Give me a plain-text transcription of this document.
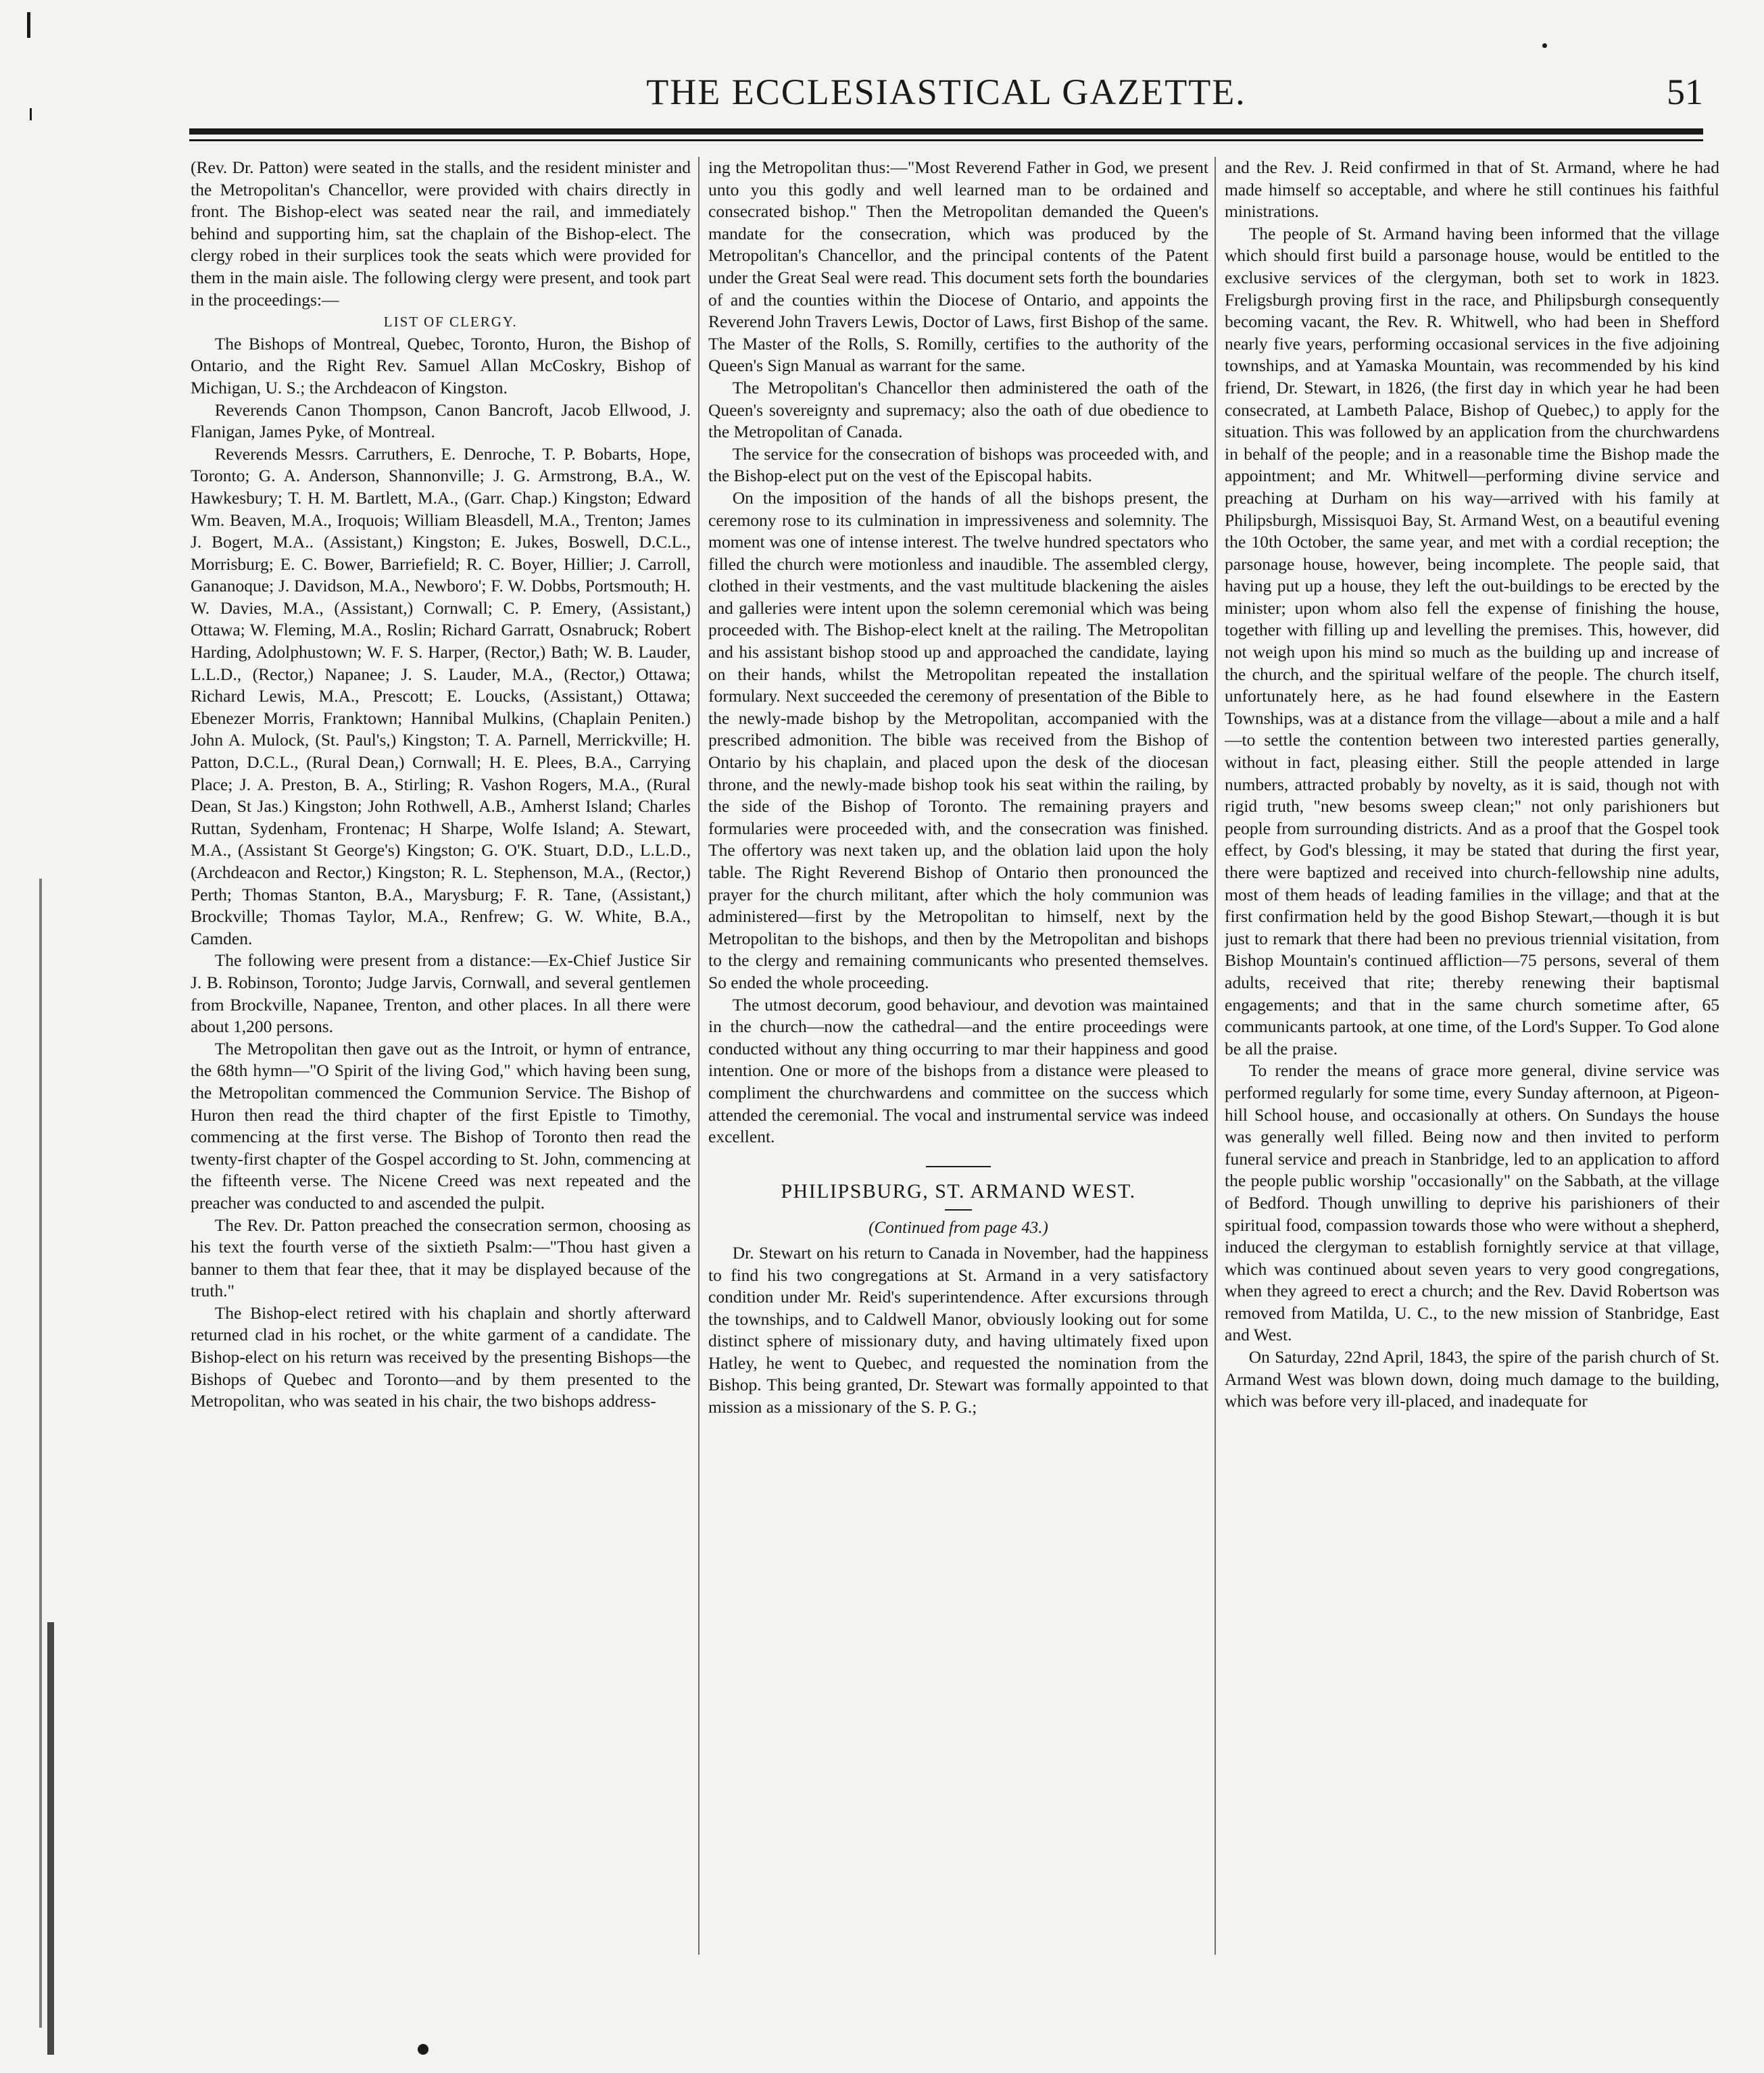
THE ECCLESIASTICAL GAZETTE.	51

(Rev. Dr. Patton) were seated in the stalls, and the resident minister and the Metropolitan's Chancellor, were provided with chairs directly in front. The Bishop-elect was seated near the rail, and immediately behind and supporting him, sat the chaplain of the Bishop-elect. The clergy robed in their surplices took the seats which were provided for them in the main aisle. The following clergy were present, and took part in the proceedings:—

LIST OF CLERGY.

The Bishops of Montreal, Quebec, Toronto, Huron, the Bishop of Ontario, and the Right Rev. Samuel Allan McCoskry, Bishop of Michigan, U. S.; the Archdeacon of Kingston.

Reverends Canon Thompson, Canon Bancroft, Jacob Ellwood, J. Flanigan, James Pyke, of Montreal.

Reverends Messrs. Carruthers, E. Denroche, T. P. Bobarts, Hope, Toronto; G. A. Anderson, Shannonville; J. G. Armstrong, B.A., W. Hawkesbury; T. H. M. Bartlett, M.A., (Garr. Chap.) Kingston; Edward Wm. Beaven, M.A., Iroquois; William Bleasdell, M.A., Trenton; James J. Bogert, M.A.. (Assistant,) Kingston; E. Jukes, Boswell, D.C.L., Morrisburg; E. C. Bower, Barriefield; R. C. Boyer, Hillier; J. Carroll, Gananoque; J. Davidson, M.A., Newboro'; F. W. Dobbs, Portsmouth; H. W. Davies, M.A., (Assistant,) Cornwall; C. P. Emery, (Assistant,) Ottawa; W. Fleming, M.A., Roslin; Richard Garratt, Osnabruck; Robert Harding, Adolphustown; W. F. S. Harper, (Rector,) Bath; W. B. Lauder, L.L.D., (Rector,) Napanee; J. S. Lauder, M.A., (Rector,) Ottawa; Richard Lewis, M.A., Prescott; E. Loucks, (Assistant,) Ottawa; Ebenezer Morris, Franktown; Hannibal Mulkins, (Chaplain Peniten.) John A. Mulock, (St. Paul's,) Kingston; T. A. Parnell, Merrickville; H. Patton, D.C.L., (Rural Dean,) Cornwall; H. E. Plees, B.A., Carrying Place; J. A. Preston, B. A., Stirling; R. Vashon Rogers, M.A., (Rural Dean, St Jas.) Kingston; John Rothwell, A.B., Amherst Island; Charles Ruttan, Sydenham, Frontenac; H Sharpe, Wolfe Island; A. Stewart, M.A., (Assistant St George's) Kingston; G. O'K. Stuart, D.D., L.L.D., (Archdeacon and Rector,) Kingston; R. L. Stephenson, M.A., (Rector,) Perth; Thomas Stanton, B.A., Marysburg; F. R. Tane, (Assistant,) Brockville; Thomas Taylor, M.A., Renfrew; G. W. White, B.A., Camden.

The following were present from a distance:—Ex-Chief Justice Sir J. B. Robinson, Toronto; Judge Jarvis, Cornwall, and several gentlemen from Brockville, Napanee, Trenton, and other places. In all there were about 1,200 persons.

The Metropolitan then gave out as the Introit, or hymn of entrance, the 68th hymn—"O Spirit of the living God," which having been sung, the Metropolitan commenced the Communion Service. The Bishop of Huron then read the third chapter of the first Epistle to Timothy, commencing at the first verse. The Bishop of Toronto then read the twenty-first chapter of the Gospel according to St. John, commencing at the fifteenth verse. The Nicene Creed was next repeated and the preacher was conducted to and ascended the pulpit.

The Rev. Dr. Patton preached the consecration sermon, choosing as his text the fourth verse of the sixtieth Psalm:—"Thou hast given a banner to them that fear thee, that it may be displayed because of the truth."

The Bishop-elect retired with his chaplain and shortly afterward returned clad in his rochet, or the white garment of a candidate. The Bishop-elect on his return was received by the presenting Bishops—the Bishops of Quebec and Toronto—and by them presented to the Metropolitan, who was seated in his chair, the two bishops address-

ing the Metropolitan thus:—"Most Reverend Father in God, we present unto you this godly and well learned man to be ordained and consecrated bishop." Then the Metropolitan demanded the Queen's mandate for the consecration, which was produced by the Metropolitan's Chancellor, and the principal contents of the Patent under the Great Seal were read. This document sets forth the boundaries of and the counties within the Diocese of Ontario, and appoints the Reverend John Travers Lewis, Doctor of Laws, first Bishop of the same. The Master of the Rolls, S. Romilly, certifies to the authority of the Queen's Sign Manual as warrant for the same.

The Metropolitan's Chancellor then administered the oath of the Queen's sovereignty and supremacy; also the oath of due obedience to the Metropolitan of Canada.

The service for the consecration of bishops was proceeded with, and the Bishop-elect put on the vest of the Episcopal habits.

On the imposition of the hands of all the bishops present, the ceremony rose to its culmination in impressiveness and solemnity. The moment was one of intense interest. The twelve hundred spectators who filled the church were motionless and inaudible. The assembled clergy, clothed in their vestments, and the vast multitude blackening the aisles and galleries were intent upon the solemn ceremonial which was being proceeded with. The Bishop-elect knelt at the railing. The Metropolitan and his assistant bishop stood up and approached the candidate, laying on their hands, whilst the Metropolitan repeated the installation formulary. Next succeeded the ceremony of presentation of the Bible to the newly-made bishop by the Metropolitan, accompanied with the prescribed admonition. The bible was received from the Bishop of Ontario by his chaplain, and placed upon the desk of the diocesan throne, and the newly-made bishop took his seat within the railing, by the side of the Bishop of Toronto. The remaining prayers and formularies were proceeded with, and the consecration was finished. The offertory was next taken up, and the oblation laid upon the holy table. The Right Reverend Bishop of Ontario then pronounced the prayer for the church militant, after which the holy communion was administered—first by the Metropolitan to himself, next by the Metropolitan to the bishops, and then by the Metropolitan and bishops to the clergy and remaining communicants who presented themselves. So ended the whole proceeding.

The utmost decorum, good behaviour, and devotion was maintained in the church—now the cathedral—and the entire proceedings were conducted without any thing occurring to mar their happiness and good intention. One or more of the bishops from a distance were pleased to compliment the churchwardens and committee on the success which attended the ceremonial. The vocal and instrumental service was indeed excellent.

PHILIPSBURG, ST. ARMAND WEST.
(Continued from page 43.)

Dr. Stewart on his return to Canada in November, had the happiness to find his two congregations at St. Armand in a very satisfactory condition under Mr. Reid's superintendence. After excursions through the townships, and to Caldwell Manor, obviously looking out for some distinct sphere of missionary duty, and having ultimately fixed upon Hatley, he went to Quebec, and requested the nomination from the Bishop. This being granted, Dr. Stewart was formally appointed to that mission as a missionary of the S. P. G.;

and the Rev. J. Reid confirmed in that of St. Armand, where he had made himself so acceptable, and where he still continues his faithful ministrations.

The people of St. Armand having been informed that the village which should first build a parsonage house, would be entitled to the exclusive services of the clergyman, both set to work in 1823. Freligsburgh proving first in the race, and Philipsburgh consequently becoming vacant, the Rev. R. Whitwell, who had been in Shefford nearly five years, performing occasional services in the five adjoining townships, and at Yamaska Mountain, was recommended by his kind friend, Dr. Stewart, in 1826, (the first day in which year he had been consecrated, at Lambeth Palace, Bishop of Quebec,) to apply for the situation. This was followed by an application from the churchwardens in behalf of the people; and in a reasonable time the Bishop made the appointment; and Mr. Whitwell—performing divine service and preaching at Durham on his way—arrived with his family at Philipsburgh, Missisquoi Bay, St. Armand West, on a beautiful evening the 10th October, the same year, and met with a cordial reception; the parsonage house, however, being incomplete. The people said, that having put up a house, they left the out-buildings to be erected by the minister; upon whom also fell the expense of finishing the house, together with filling up and levelling the premises. This, however, did not weigh upon his mind so much as the building up and increase of the church, and the spiritual welfare of the people. The church itself, unfortunately here, as he had found elsewhere in the Eastern Townships, was at a distance from the village—about a mile and a half—to settle the contention between two interested parties generally, without in fact, pleasing either. Still the people attended in large numbers, attracted probably by novelty, as it is said, though not with rigid truth, "new besoms sweep clean;" not only parishioners but people from surrounding districts. And as a proof that the Gospel took effect, by God's blessing, it may be stated that during the first year, there were baptized and received into church-fellowship nine adults, most of them heads of leading families in the village; and that at the first confirmation held by the good Bishop Stewart,—though it is but just to remark that there had been no previous triennial visitation, from Bishop Mountain's continued affliction—75 persons, several of them adults, received that rite; thereby renewing their baptismal engagements; and that in the same church sometime after, 65 communicants partook, at one time, of the Lord's Supper. To God alone be all the praise.

To render the means of grace more general, divine service was performed regularly for some time, every Sunday afternoon, at Pigeon-hill School house, and occasionally at others. On Sundays the house was generally well filled. Being now and then invited to perform funeral service and preach in Stanbridge, led to an application to afford the people public worship "occasionally" on the Sabbath, at the village of Bedford. Though unwilling to deprive his parishioners of their spiritual food, compassion towards those who were without a shepherd, induced the clergyman to establish fornightly service at that village, which was continued about seven years to very good congregations, when they agreed to erect a church; and the Rev. David Robertson was removed from Matilda, U. C., to the new mission of Stanbridge, East and West.

On Saturday, 22nd April, 1843, the spire of the parish church of St. Armand West was blown down, doing much damage to the building, which was before very ill-placed, and inadequate for
